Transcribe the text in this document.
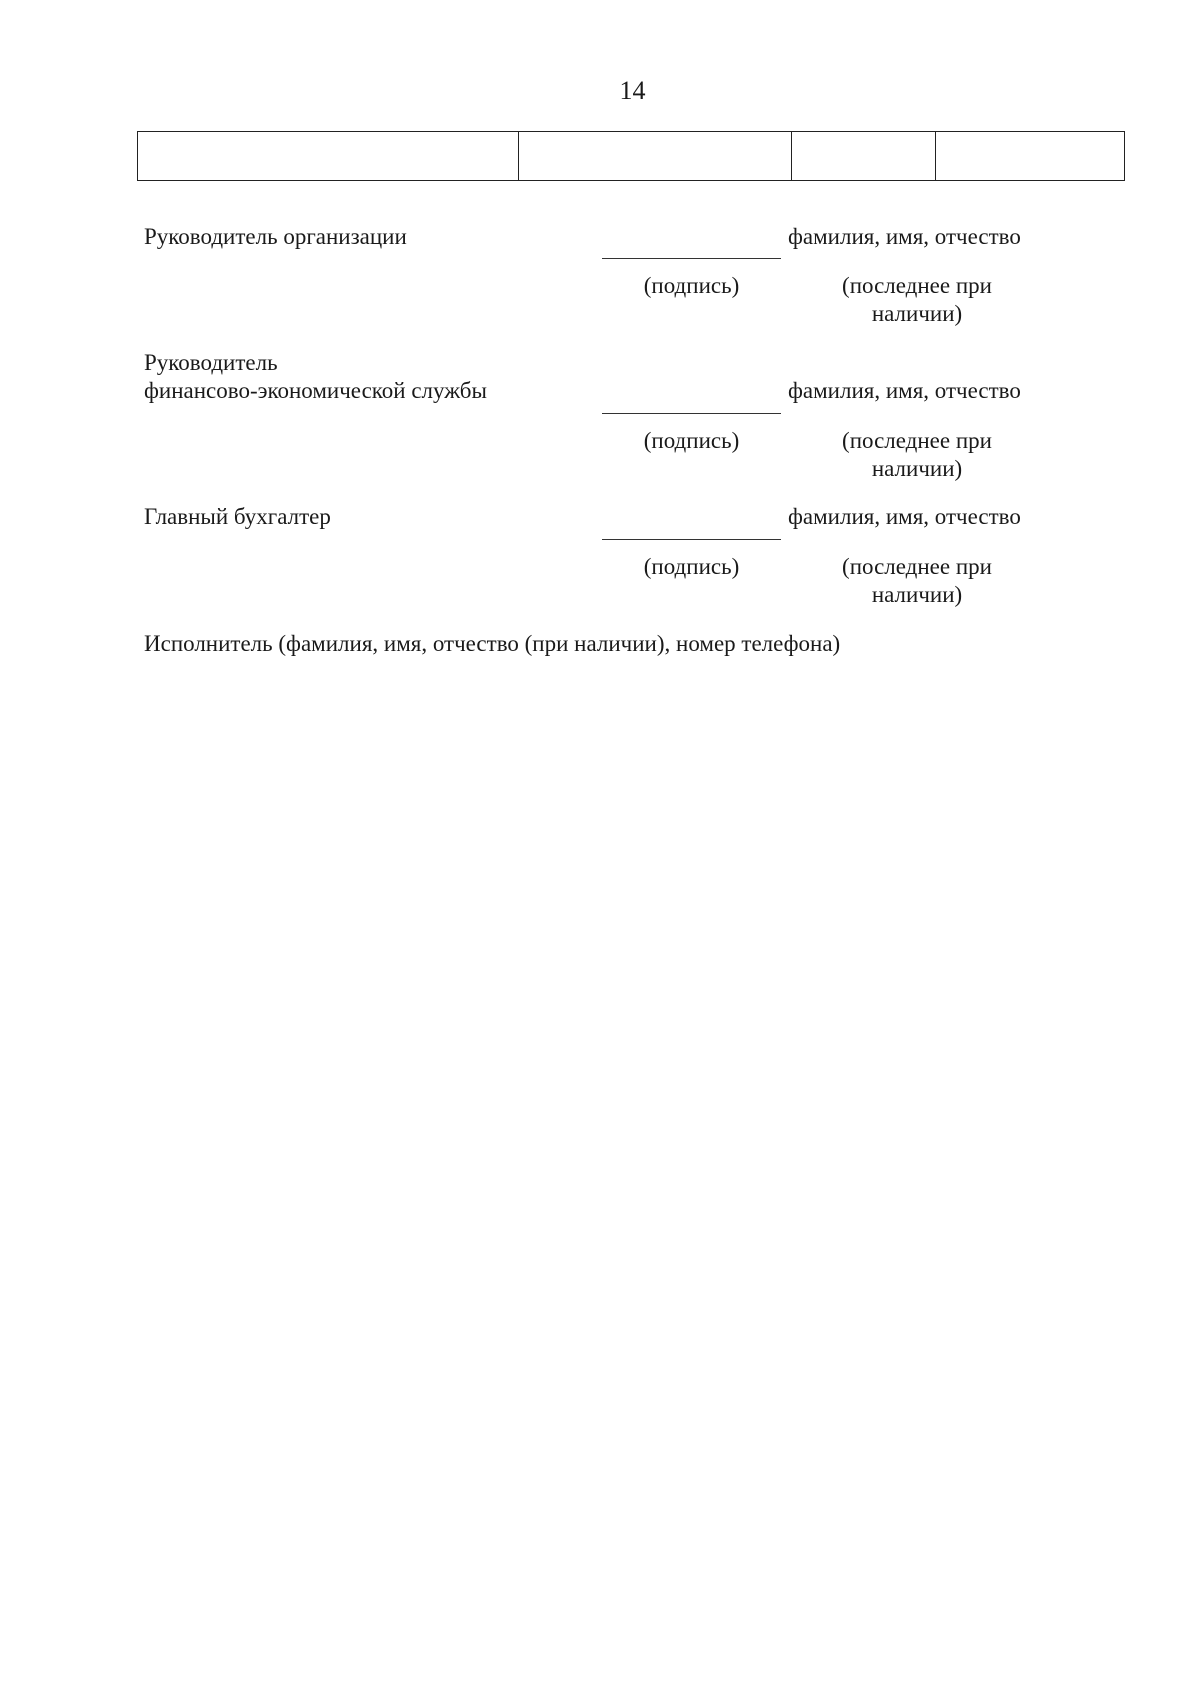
14

Руководитель организации	фамилия, имя, отчество
(подпись)	(последнее при
наличии)
Руководитель
финансово-экономической службы	фамилия, имя, отчество
(подпись)	(последнее при
наличии)
Главный бухгалтер	фамилия, имя, отчество
(подпись)	(последнее при
наличии)
Исполнитель (фамилия, имя, отчество (при наличии), номер телефона)
